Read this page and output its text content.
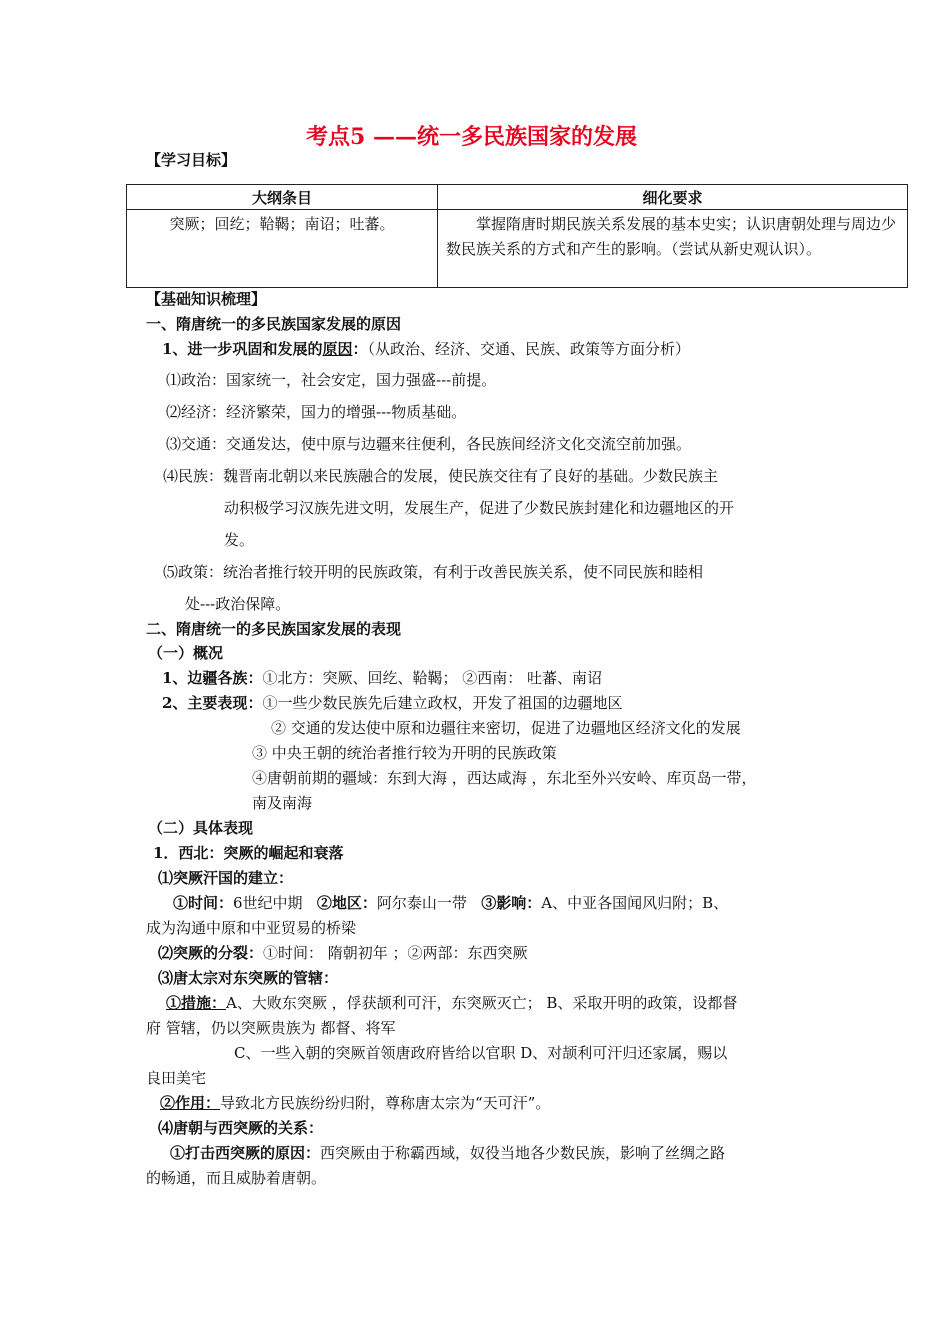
考点5 ——统一多民族国家的发展
【学习目标】
大纲条目	细化要求
突厥；回纥；鞈鞨；南诏；吐蕃。	掌握隋唐时期民族关系发展的基本史实；认识唐朝处理与周边少数民族关系的方式和产生的影响。（尝试从新史观认识）。
【基础知识梳理】
一、隋唐统一的多民族国家发展的原因
1、进一步巩固和发展的原因：（从政治、经济、交通、民族、政策等方面分析）
⑴政治：国家统一，社会安定，国力强盛---前提。
⑵经济：经济繁荣，国力的增强---物质基础。
⑶交通：交通发达，使中原与边疆来往便利，各民族间经济文化交流空前加强。
⑷民族：魏晋南北朝以来民族融合的发展，使民族交往有了良好的基础。少数民族主
动积极学习汉族先进文明，发展生产，促进了少数民族封建化和边疆地区的开
发。
⑸政策：统治者推行较开明的民族政策，有利于改善民族关系，使不同民族和睦相
处---政治保障。
二、隋唐统一的多民族国家发展的表现
（一）概况
1、边疆各族：①北方：突厥、回纥、鞈鞨； ②西南： 吐蕃、南诏
2、主要表现：①一些少数民族先后建立政权，开发了祖国的边疆地区
② 交通的发达使中原和边疆往来密切，促进了边疆地区经济文化的发展
③ 中央王朝的统治者推行较为开明的民族政策
④唐朝前期的疆域：东到大海 ，西达咸海 ，东北至外兴安岭、库页岛一带，
南及南海
（二）具体表现
1．西北：突厥的崛起和衰落
⑴突厥汗国的建立：
①时间：6世纪中期 ②地区：阿尔泰山一带 ③影响：A、中亚各国闻风归附；B、
成为沟通中原和中亚贸易的桥梁
⑵突厥的分裂：①时间： 隋朝初年 ；②两部：东西突厥
⑶唐太宗对东突厥的管辖：
①措施：A、大败东突厥 ，俘获颉利可汗，东突厥灭亡； B、采取开明的政策，设都督
府 管辖，仍以突厥贵族为 都督、将军
C、一些入朝的突厥首领唐政府皆给以官职 D、对颉利可汗归还家属，赐以
良田美宅
②作用：导致北方民族纷纷归附，尊称唐太宗为“天可汗”。
⑷唐朝与西突厥的关系：
①打击西突厥的原因：西突厥由于称霸西域，奴役当地各少数民族，影响了丝绸之路
的畅通，而且威胁着唐朝。
